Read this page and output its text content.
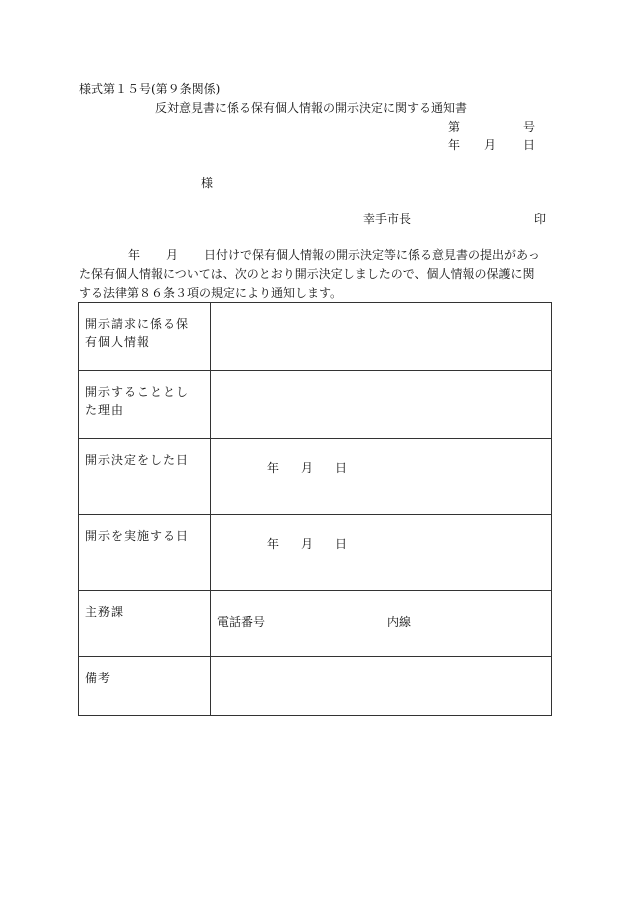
様式第１５号(第９条関係)
反対意見書に係る保有個人情報の開示決定に関する通知書
第	号
年 月 日
様
幸手市長	印
年 月 日付けで保有個人情報の開示決定等に係る意見書の提出があっ
た保有個人情報については、次のとおり開示決定しましたので、個人情報の保護に関
する法律第８６条３項の規定により通知します。
開示請求に係る保
有個人情報	
開示することとし
た理由	
開示決定をした日	年 月 日
開示を実施する日	年 月 日
主務課	電話番号 内線
備考	
